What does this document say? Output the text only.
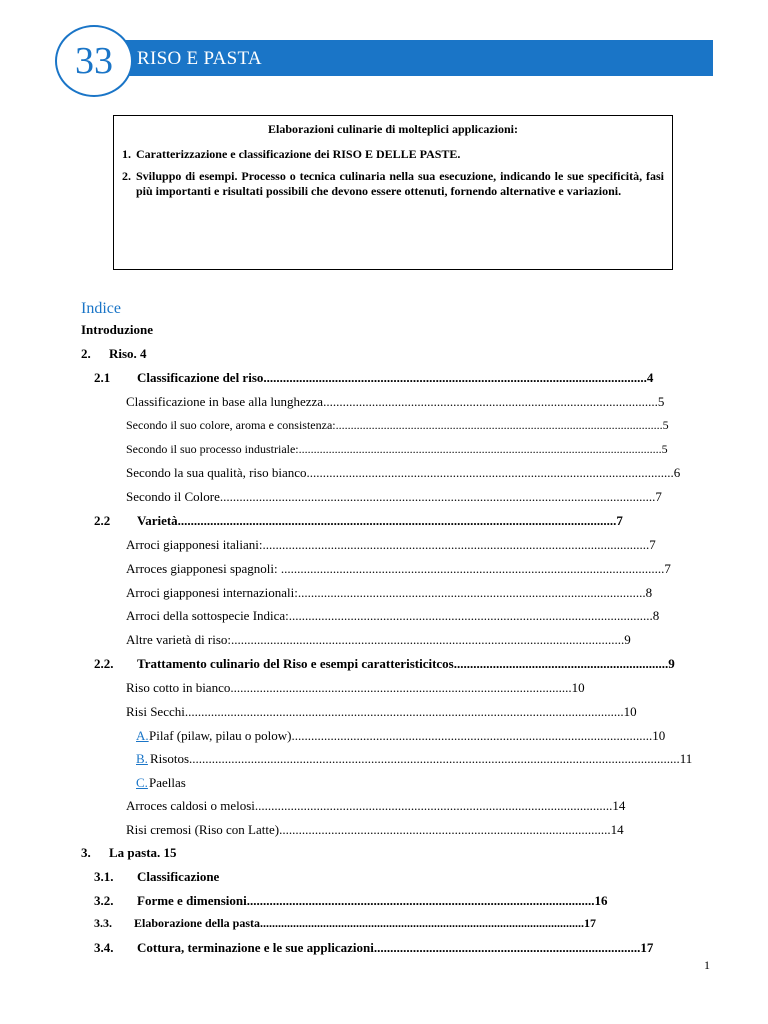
RISO E PASTA
33
Elaborazioni culinarie di molteplici applicazioni:
1. Caratterizzazione e classificazione dei RISO E DELLE PASTE.
2. Sviluppo di esempi. Processo o tecnica culinaria nella sua esecuzione, indicando le sue specificità, fasi più importanti e risultati possibili che devono essere ottenuti, fornendo alternative e variazioni.
Indice
Introduzione
2. Riso. 4
2.1 Classificazione del riso......................................................................................................................4
Classificazione in base alla lunghezza.......................................................................................................5
Secondo il suo colore, aroma e consistenza:.............................................................................................................5
Secondo il suo processo industriale:.........................................................................................................................5
Secondo la sua qualità, riso bianco.................................................................................................................6
Secondo il Colore......................................................................................................................................7
2.2 Varietà.......................................................................................................................................7
Arroci giapponesi italiani:.......................................................................................................................7
Arroces giapponesi spagnoli: ......................................................................................................................7
Arroci giapponesi internazionali:...........................................................................................................8
Arroci della sottospecie Indica:................................................................................................................8
Altre varietà di riso:.........................................................................................................................9
2.2. Trattamento culinario del Riso e esempi caratteristicitcos..................................................................9
Riso cotto in bianco.........................................................................................................10
Risi Secchi.......................................................................................................................................10
A. Pilaf (pilaw, pilau o polow)...............................................................................................................10
B. Risotos.......................................................................................................................................................11
C. Paellas
Arroces caldosi o melosi..............................................................................................................14
Risi cremosi (Riso con Latte)......................................................................................................14
3. La pasta. 15
3.1. Classificazione
3.2. Forme e dimensioni...........................................................................................................16
3.3. Elaborazione della pasta............................................................................................................17
3.4. Cottura, terminazione e le sue applicazioni..................................................................................17
1
